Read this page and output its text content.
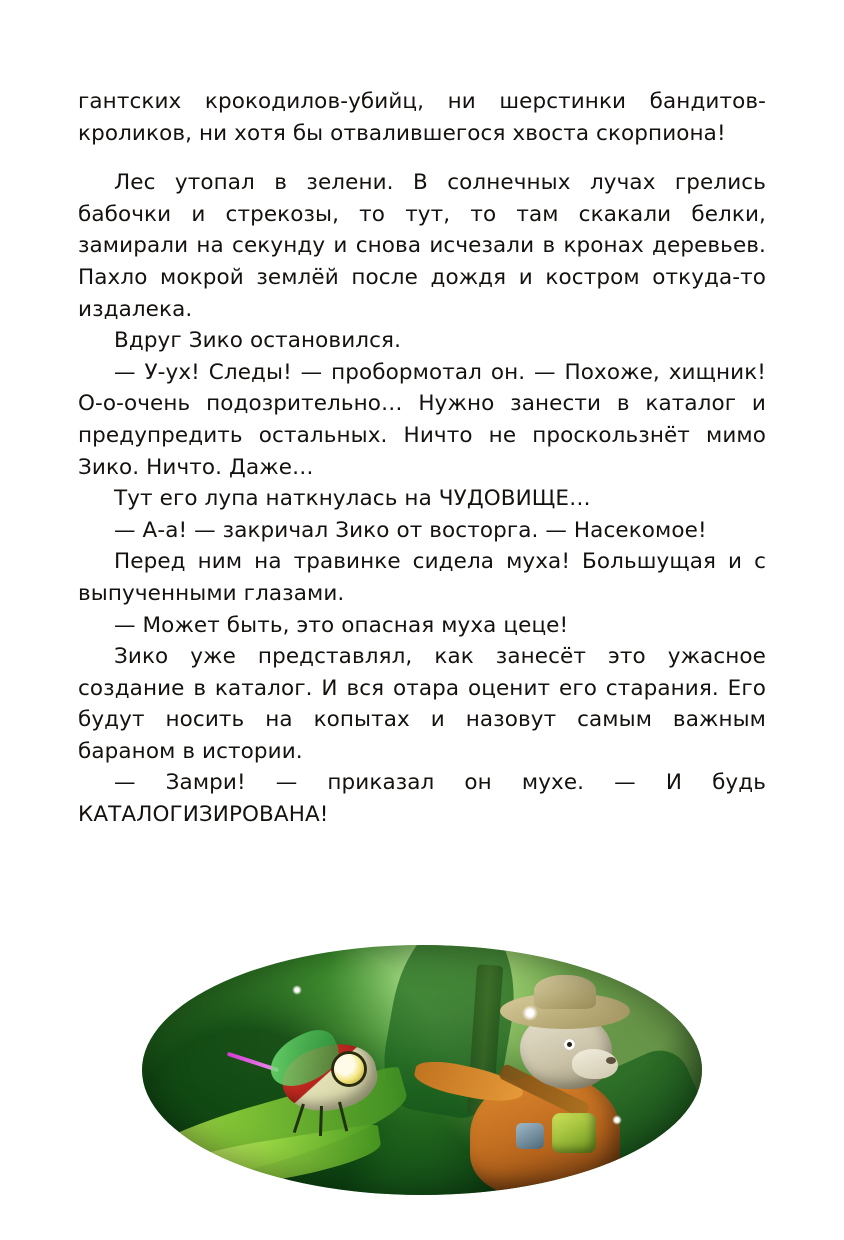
гантских крокодилов-убийц, ни шерстинки бандитов-кроликов, ни хотя бы отвалившегося хвоста скорпиона!

Лес утопал в зелени. В солнечных лучах грелись бабочки и стрекозы, то тут, то там скакали белки, замирали на секунду и снова исчезали в кронах деревьев. Пахло мокрой землёй после дождя и костром откуда-то издалека.

Вдруг Зико остановился.

— У-ух! Следы! — пробормотал он. — Похоже, хищник! О-о-очень подозрительно… Нужно занести в каталог и предупредить остальных. Ничто не проскользнёт мимо Зико. Ничто. Даже…

Тут его лупа наткнулась на ЧУДОВИЩЕ…

— А-а! — закричал Зико от восторга. — Насекомое!

Перед ним на травинке сидела муха! Большущая и с выпученными глазами.

— Может быть, это опасная муха цеце!

Зико уже представлял, как занесёт это ужасное создание в каталог. И вся отара оценит его старания. Его будут носить на копытах и назовут самым важным бараном в истории.

— Замри! — приказал он мухе. — И будь КАТАЛОГИЗИРОВАНА!
